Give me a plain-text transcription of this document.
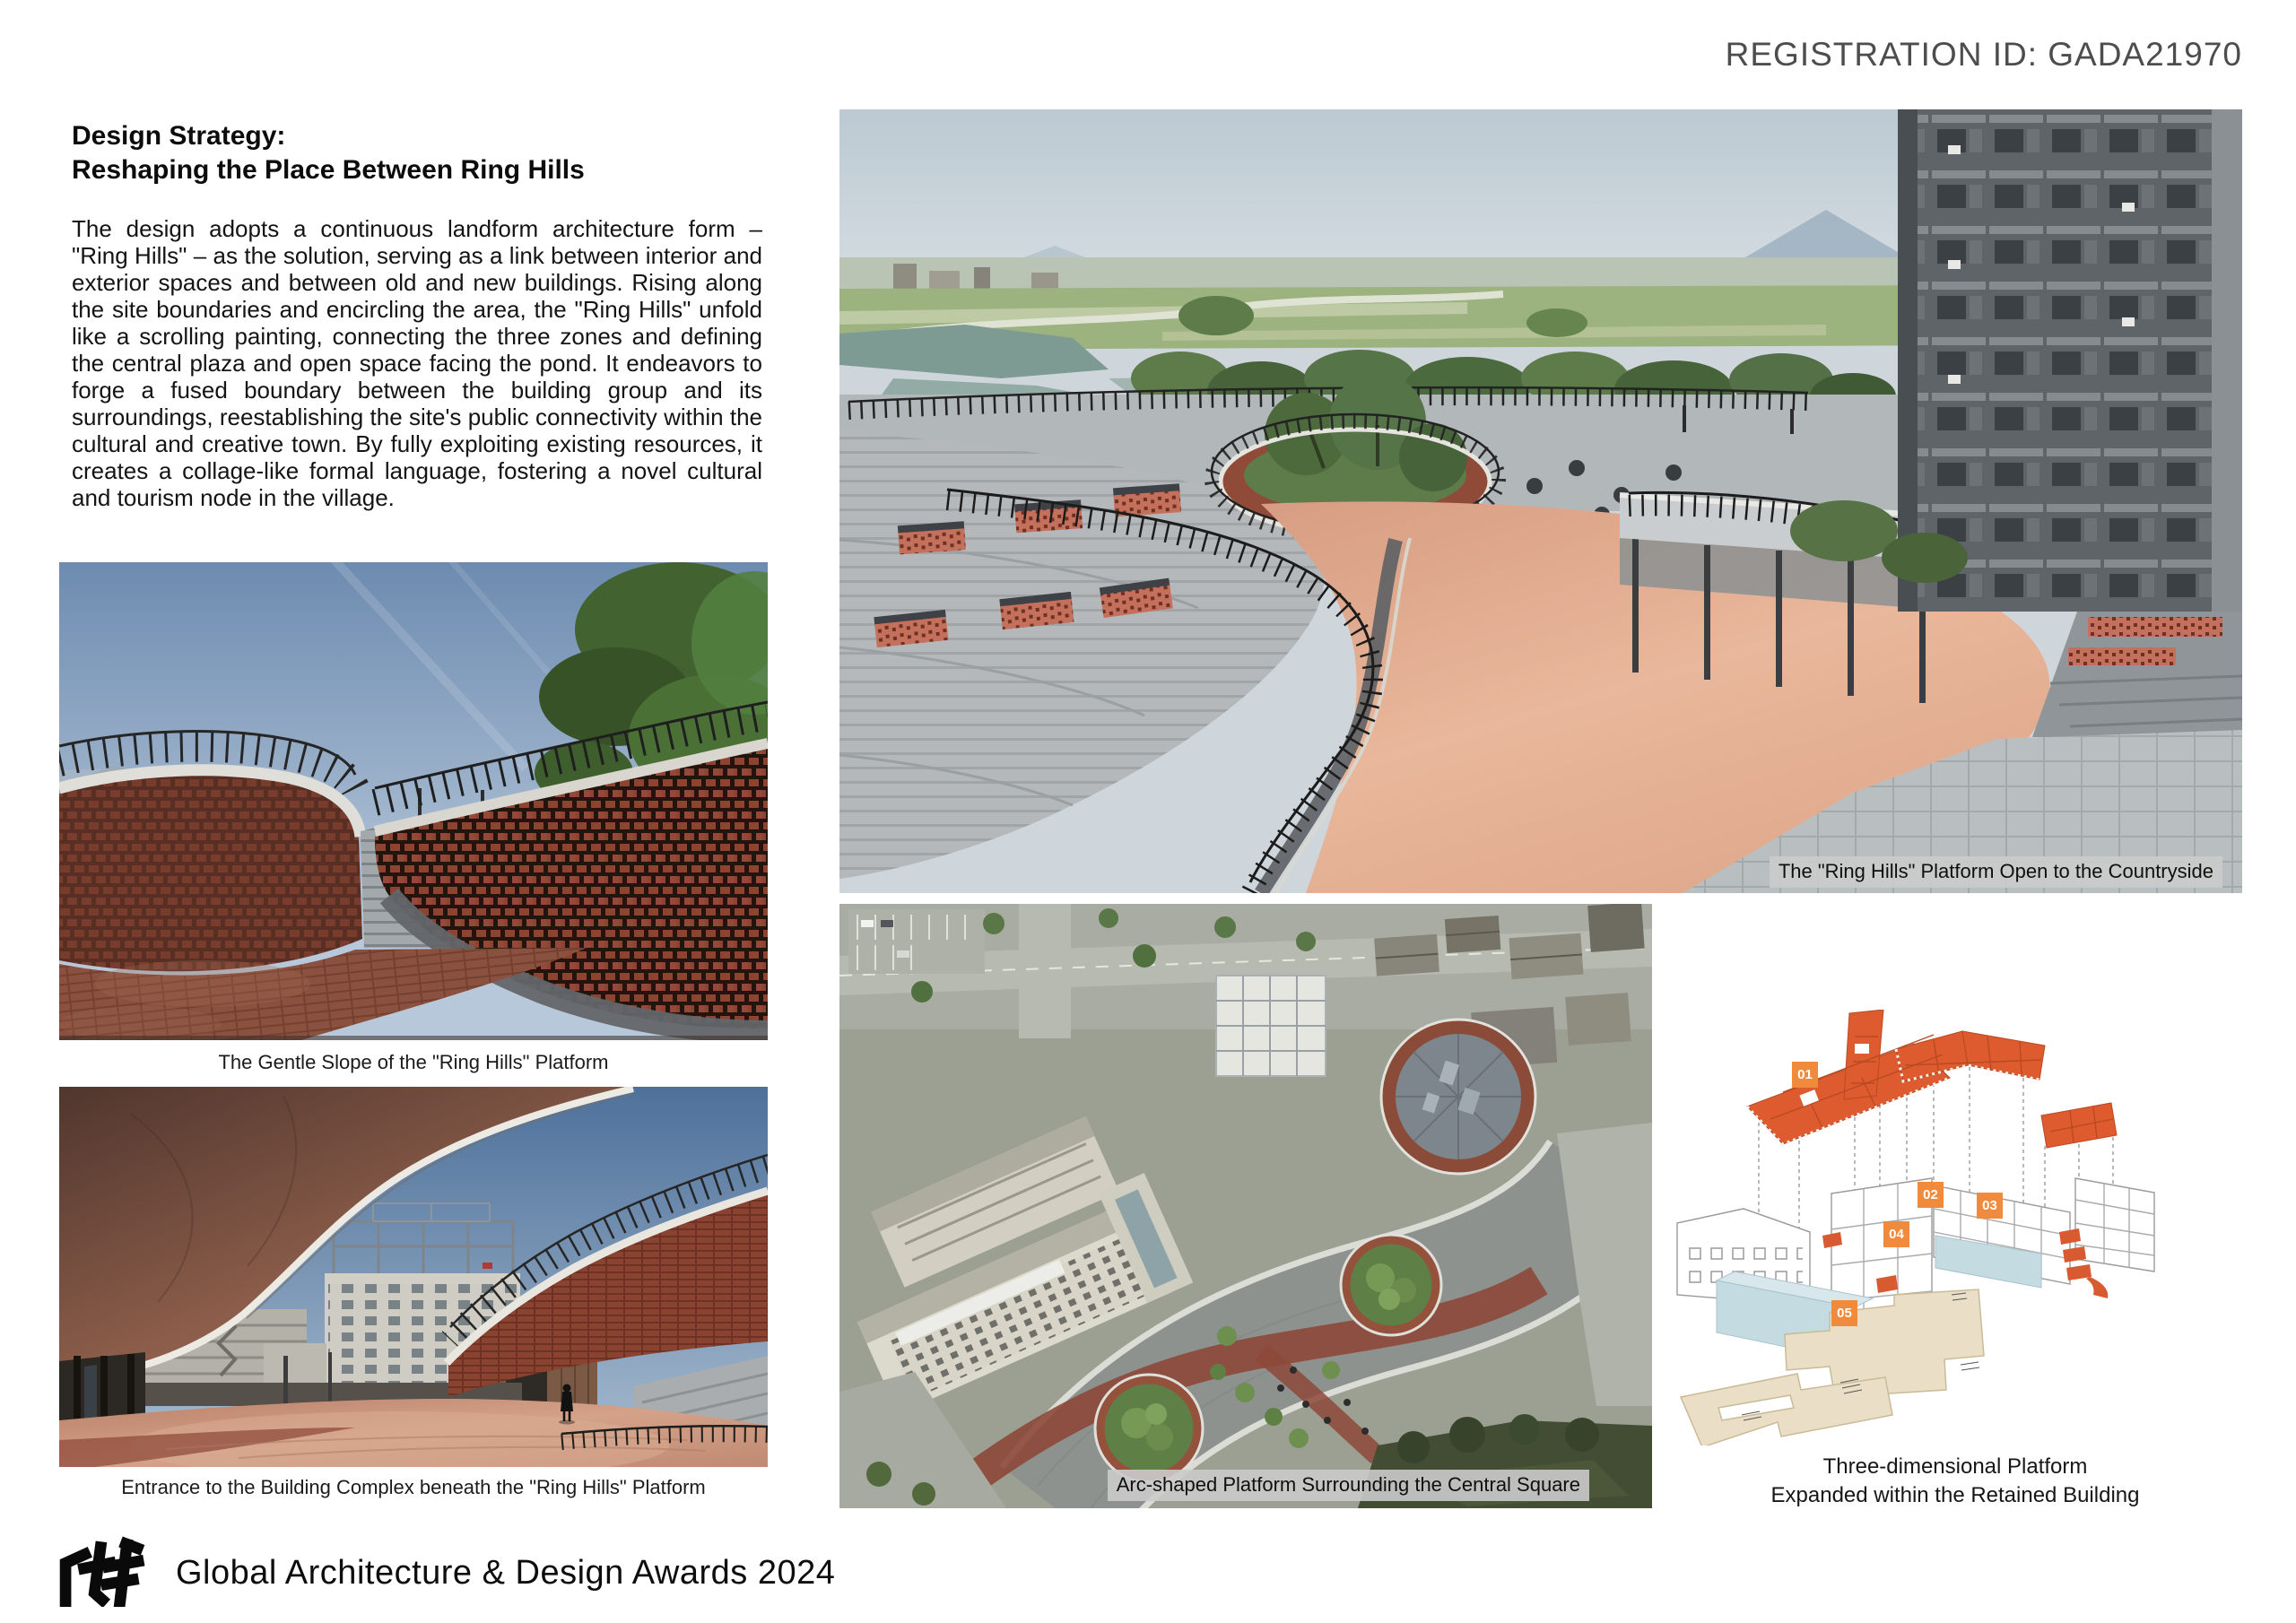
REGISTRATION ID: GADA21970
Design Strategy:
Reshaping the Place Between Ring Hills
The design adopts a continuous landform architecture form – "Ring Hills" – as the solution, serving as a link between interior and exterior spaces and between old and new buildings. Rising along the site boundaries and encircling the area, the "Ring Hills" unfold like a scrolling painting, connecting the three zones and defining the central plaza and open space facing the pond. It endeavors to forge a fused boundary between the building group and its surroundings, reestablishing the site's public connectivity within the cultural and creative town. By fully exploiting existing resources, it creates a collage-like formal language, fostering a novel cultural and tourism node in the village.
The Gentle Slope of the "Ring Hills" Platform
Entrance to the Building Complex beneath the "Ring Hills" Platform
The "Ring Hills" Platform Open to the Countryside
Arc-shaped Platform Surrounding the Central Square
01
02
03
04
05
Three-dimensional Platform
Expanded within the Retained Building
Global Architecture & Design Awards 2024
